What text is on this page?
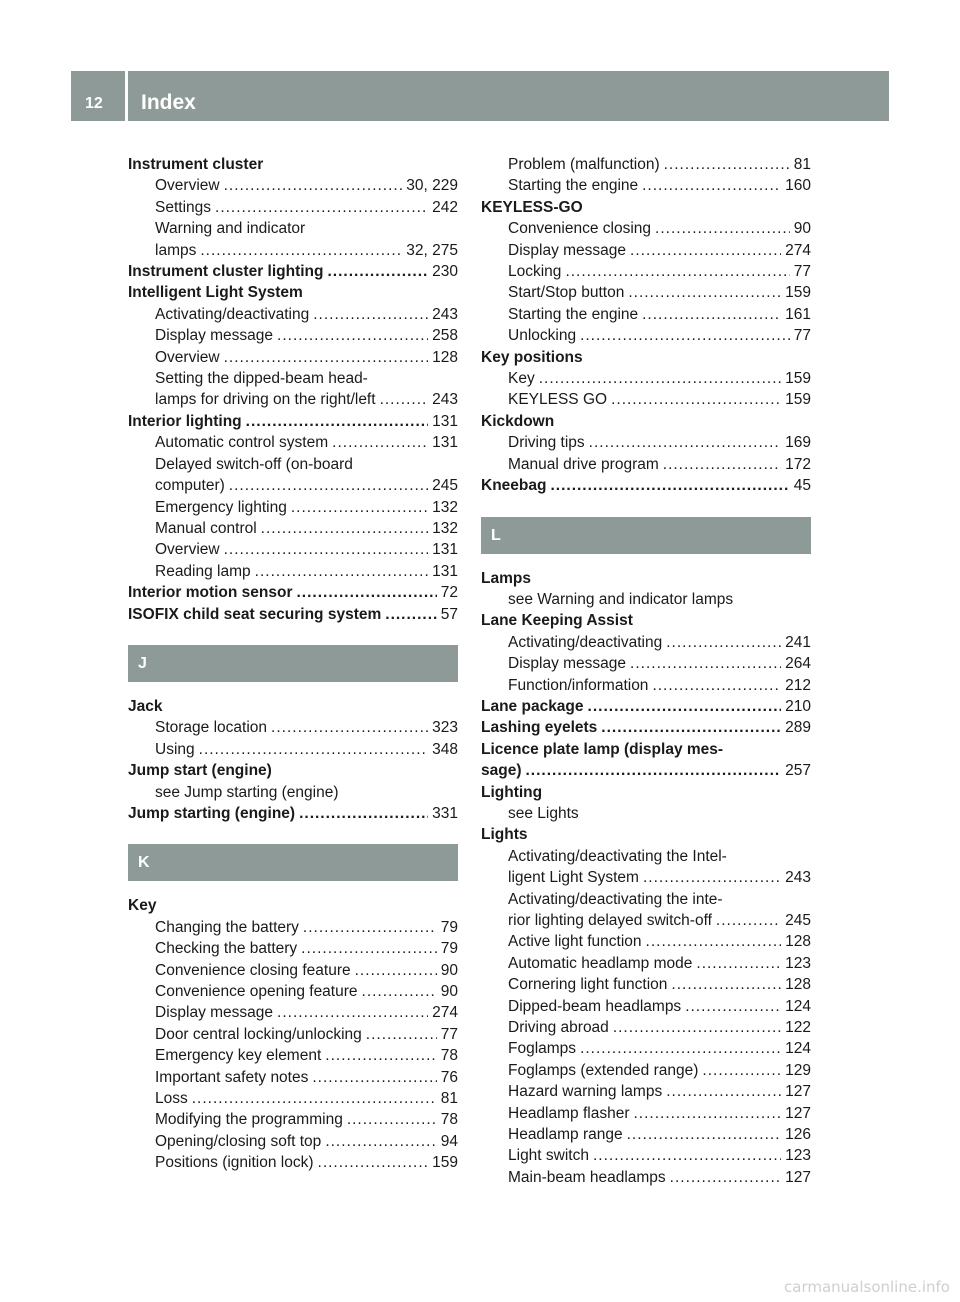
12 Index
Instrument cluster
Overview .....	30, 229
Settings .....	242
Warning and indicator
lamps .....	32, 275
Instrument cluster lighting .....	230
Intelligent Light System
Activating/deactivating .....	243
Display message .....	258
Overview .....	128
Setting the dipped-beam head-
lamps for driving on the right/left .....	243
Interior lighting .....	131
Automatic control system .....	131
Delayed switch-off (on-board
computer) .....	245
Emergency lighting .....	132
Manual control .....	132
Overview .....	131
Reading lamp .....	131
Interior motion sensor .....	72
ISOFIX child seat securing system .....	57
J
Jack
Storage location .....	323
Using .....	348
Jump start (engine)
see Jump starting (engine)
Jump starting (engine) .....	331
K
Key
Changing the battery .....	79
Checking the battery .....	79
Convenience closing feature .....	90
Convenience opening feature .....	90
Display message .....	274
Door central locking/unlocking .....	77
Emergency key element .....	78
Important safety notes .....	76
Loss .....	81
Modifying the programming .....	78
Opening/closing soft top .....	94
Positions (ignition lock) .....	159
Problem (malfunction) .....	81
Starting the engine .....	160
KEYLESS-GO
Convenience closing .....	90
Display message .....	274
Locking .....	77
Start/Stop button .....	159
Starting the engine .....	161
Unlocking .....	77
Key positions
Key .....	159
KEYLESS GO .....	159
Kickdown
Driving tips .....	169
Manual drive program .....	172
Kneebag .....	45
L
Lamps
see Warning and indicator lamps
Lane Keeping Assist
Activating/deactivating .....	241
Display message .....	264
Function/information .....	212
Lane package .....	210
Lashing eyelets .....	289
Licence plate lamp (display mes-
sage) .....	257
Lighting
see Lights
Lights
Activating/deactivating the Intel-
ligent Light System .....	243
Activating/deactivating the inte-
rior lighting delayed switch-off .....	245
Active light function .....	128
Automatic headlamp mode .....	123
Cornering light function .....	128
Dipped-beam headlamps .....	124
Driving abroad .....	122
Foglamps .....	124
Foglamps (extended range) .....	129
Hazard warning lamps .....	127
Headlamp flasher .....	127
Headlamp range .....	126
Light switch .....	123
Main-beam headlamps .....	127
carmanualsonline.info
